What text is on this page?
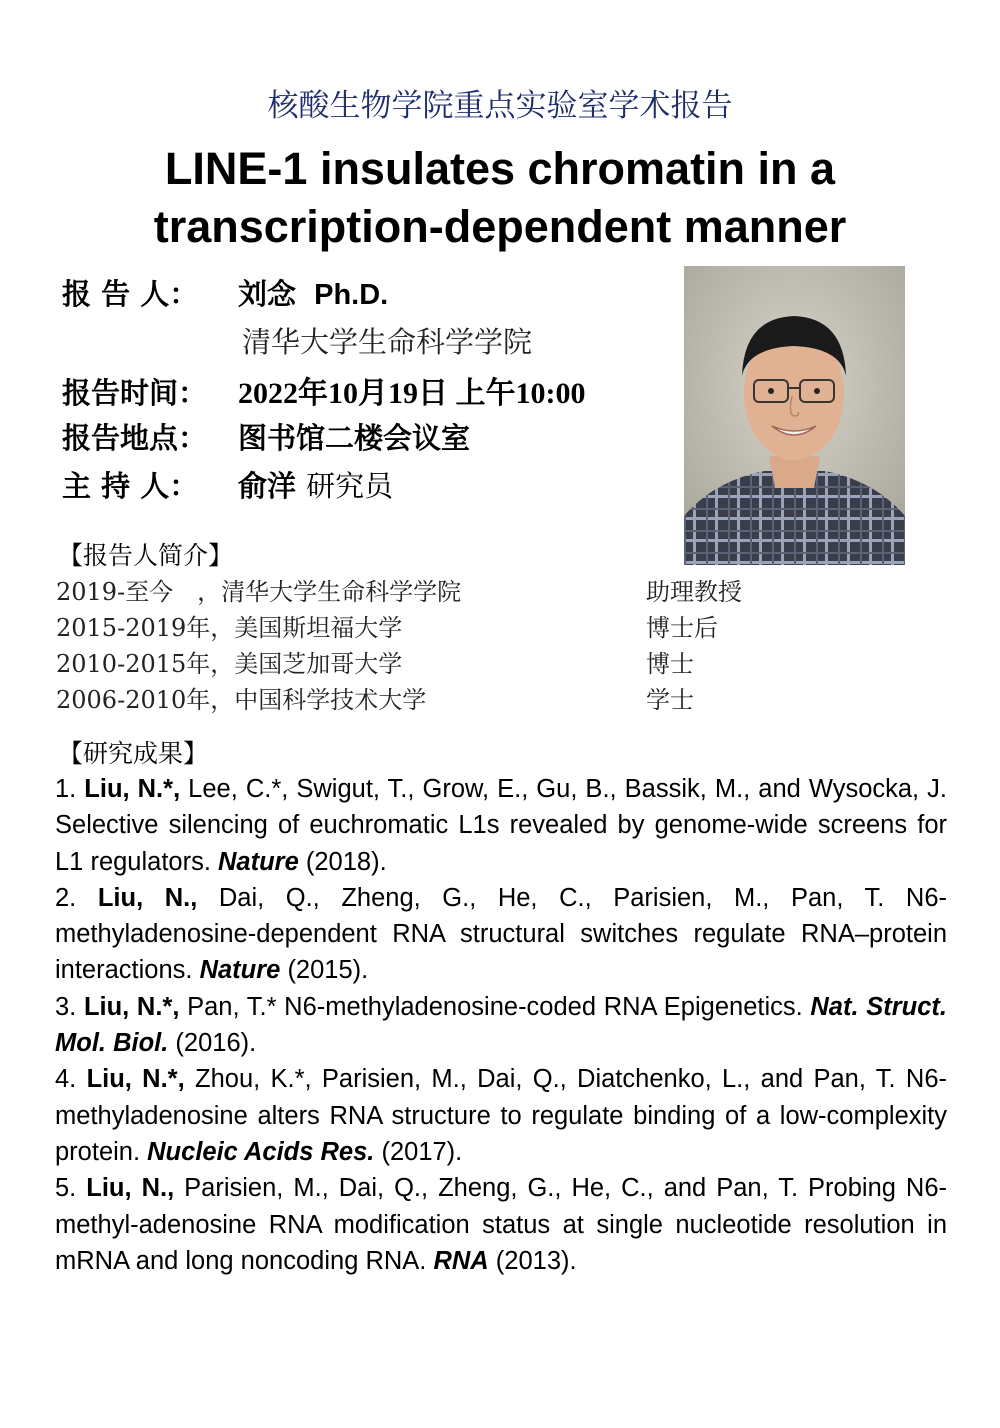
核酸生物学院重点实验室学术报告
LINE-1 insulates chromatin in a
transcription-dependent manner
报 告 人： 刘念 Ph.D.
清华大学生命科学学院
报告时间： 2022年10月19日 上午10:00
报告地点： 图书馆二楼会议室
主 持 人： 俞洋 研究员
【报告人简介】
2019-至今　，清华大学生命科学学院	助理教授
2015-2019年，美国斯坦福大学	博士后
2010-2015年，美国芝加哥大学	博士
2006-2010年，中国科学技术大学	学士
【研究成果】

1. Liu, N.*, Lee, C.*, Swigut, T., Grow, E., Gu, B., Bassik, M., and Wysocka, J. Selective silencing of euchromatic L1s revealed by genome-wide screens for L1 regulators. Nature (2018).

2. Liu, N., Dai, Q., Zheng, G., He, C., Parisien, M., Pan, T. N6-methyladenosine-dependent RNA structural switches regulate RNA–protein interactions. Nature (2015).

3. Liu, N.*, Pan, T.* N6-methyladenosine-coded RNA Epigenetics. Nat. Struct. Mol. Biol. (2016).

4. Liu, N.*, Zhou, K.*, Parisien, M., Dai, Q., Diatchenko, L., and Pan, T. N6-methyladenosine alters RNA structure to regulate binding of a low-complexity protein. Nucleic Acids Res. (2017).

5. Liu, N., Parisien, M., Dai, Q., Zheng, G., He, C., and Pan, T. Probing N6-methyl-adenosine RNA modification status at single nucleotide resolution in mRNA and long noncoding RNA. RNA (2013).
